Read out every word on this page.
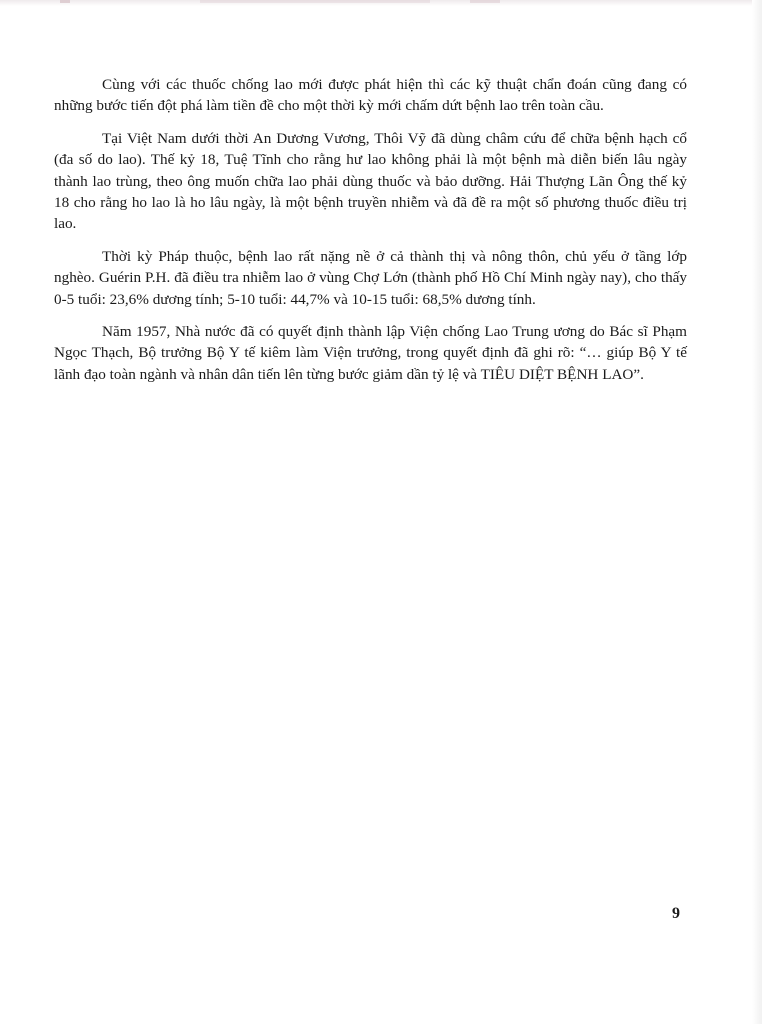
Cùng với các thuốc chống lao mới được phát hiện thì các kỹ thuật chẩn đoán cũng đang có những bước tiến đột phá làm tiền đề cho một thời kỳ mới chấm dứt bệnh lao trên toàn cầu.

Tại Việt Nam dưới thời An Dương Vương, Thôi Vỹ đã dùng châm cứu để chữa bệnh hạch cổ (đa số do lao). Thế kỷ 18, Tuệ Tĩnh cho rằng hư lao không phải là một bệnh mà diễn biến lâu ngày thành lao trùng, theo ông muốn chữa lao phải dùng thuốc và bảo dưỡng. Hải Thượng Lãn Ông thế kỷ 18 cho rằng ho lao là ho lâu ngày, là một bệnh truyền nhiễm và đã đề ra một số phương thuốc điều trị lao.

Thời kỳ Pháp thuộc, bệnh lao rất nặng nề ở cả thành thị và nông thôn, chủ yếu ở tầng lớp nghèo. Guérin P.H. đã điều tra nhiễm lao ở vùng Chợ Lớn (thành phố Hồ Chí Minh ngày nay), cho thấy 0-5 tuổi: 23,6% dương tính; 5-10 tuổi: 44,7% và 10-15 tuổi: 68,5% dương tính.

Năm 1957, Nhà nước đã có quyết định thành lập Viện chống Lao Trung ương do Bác sĩ Phạm Ngọc Thạch, Bộ trưởng Bộ Y tế kiêm làm Viện trưởng, trong quyết định đã ghi rõ: “… giúp Bộ Y tế lãnh đạo toàn ngành và nhân dân tiến lên từng bước giảm dần tỷ lệ và TIÊU DIỆT BỆNH LAO”.

9
